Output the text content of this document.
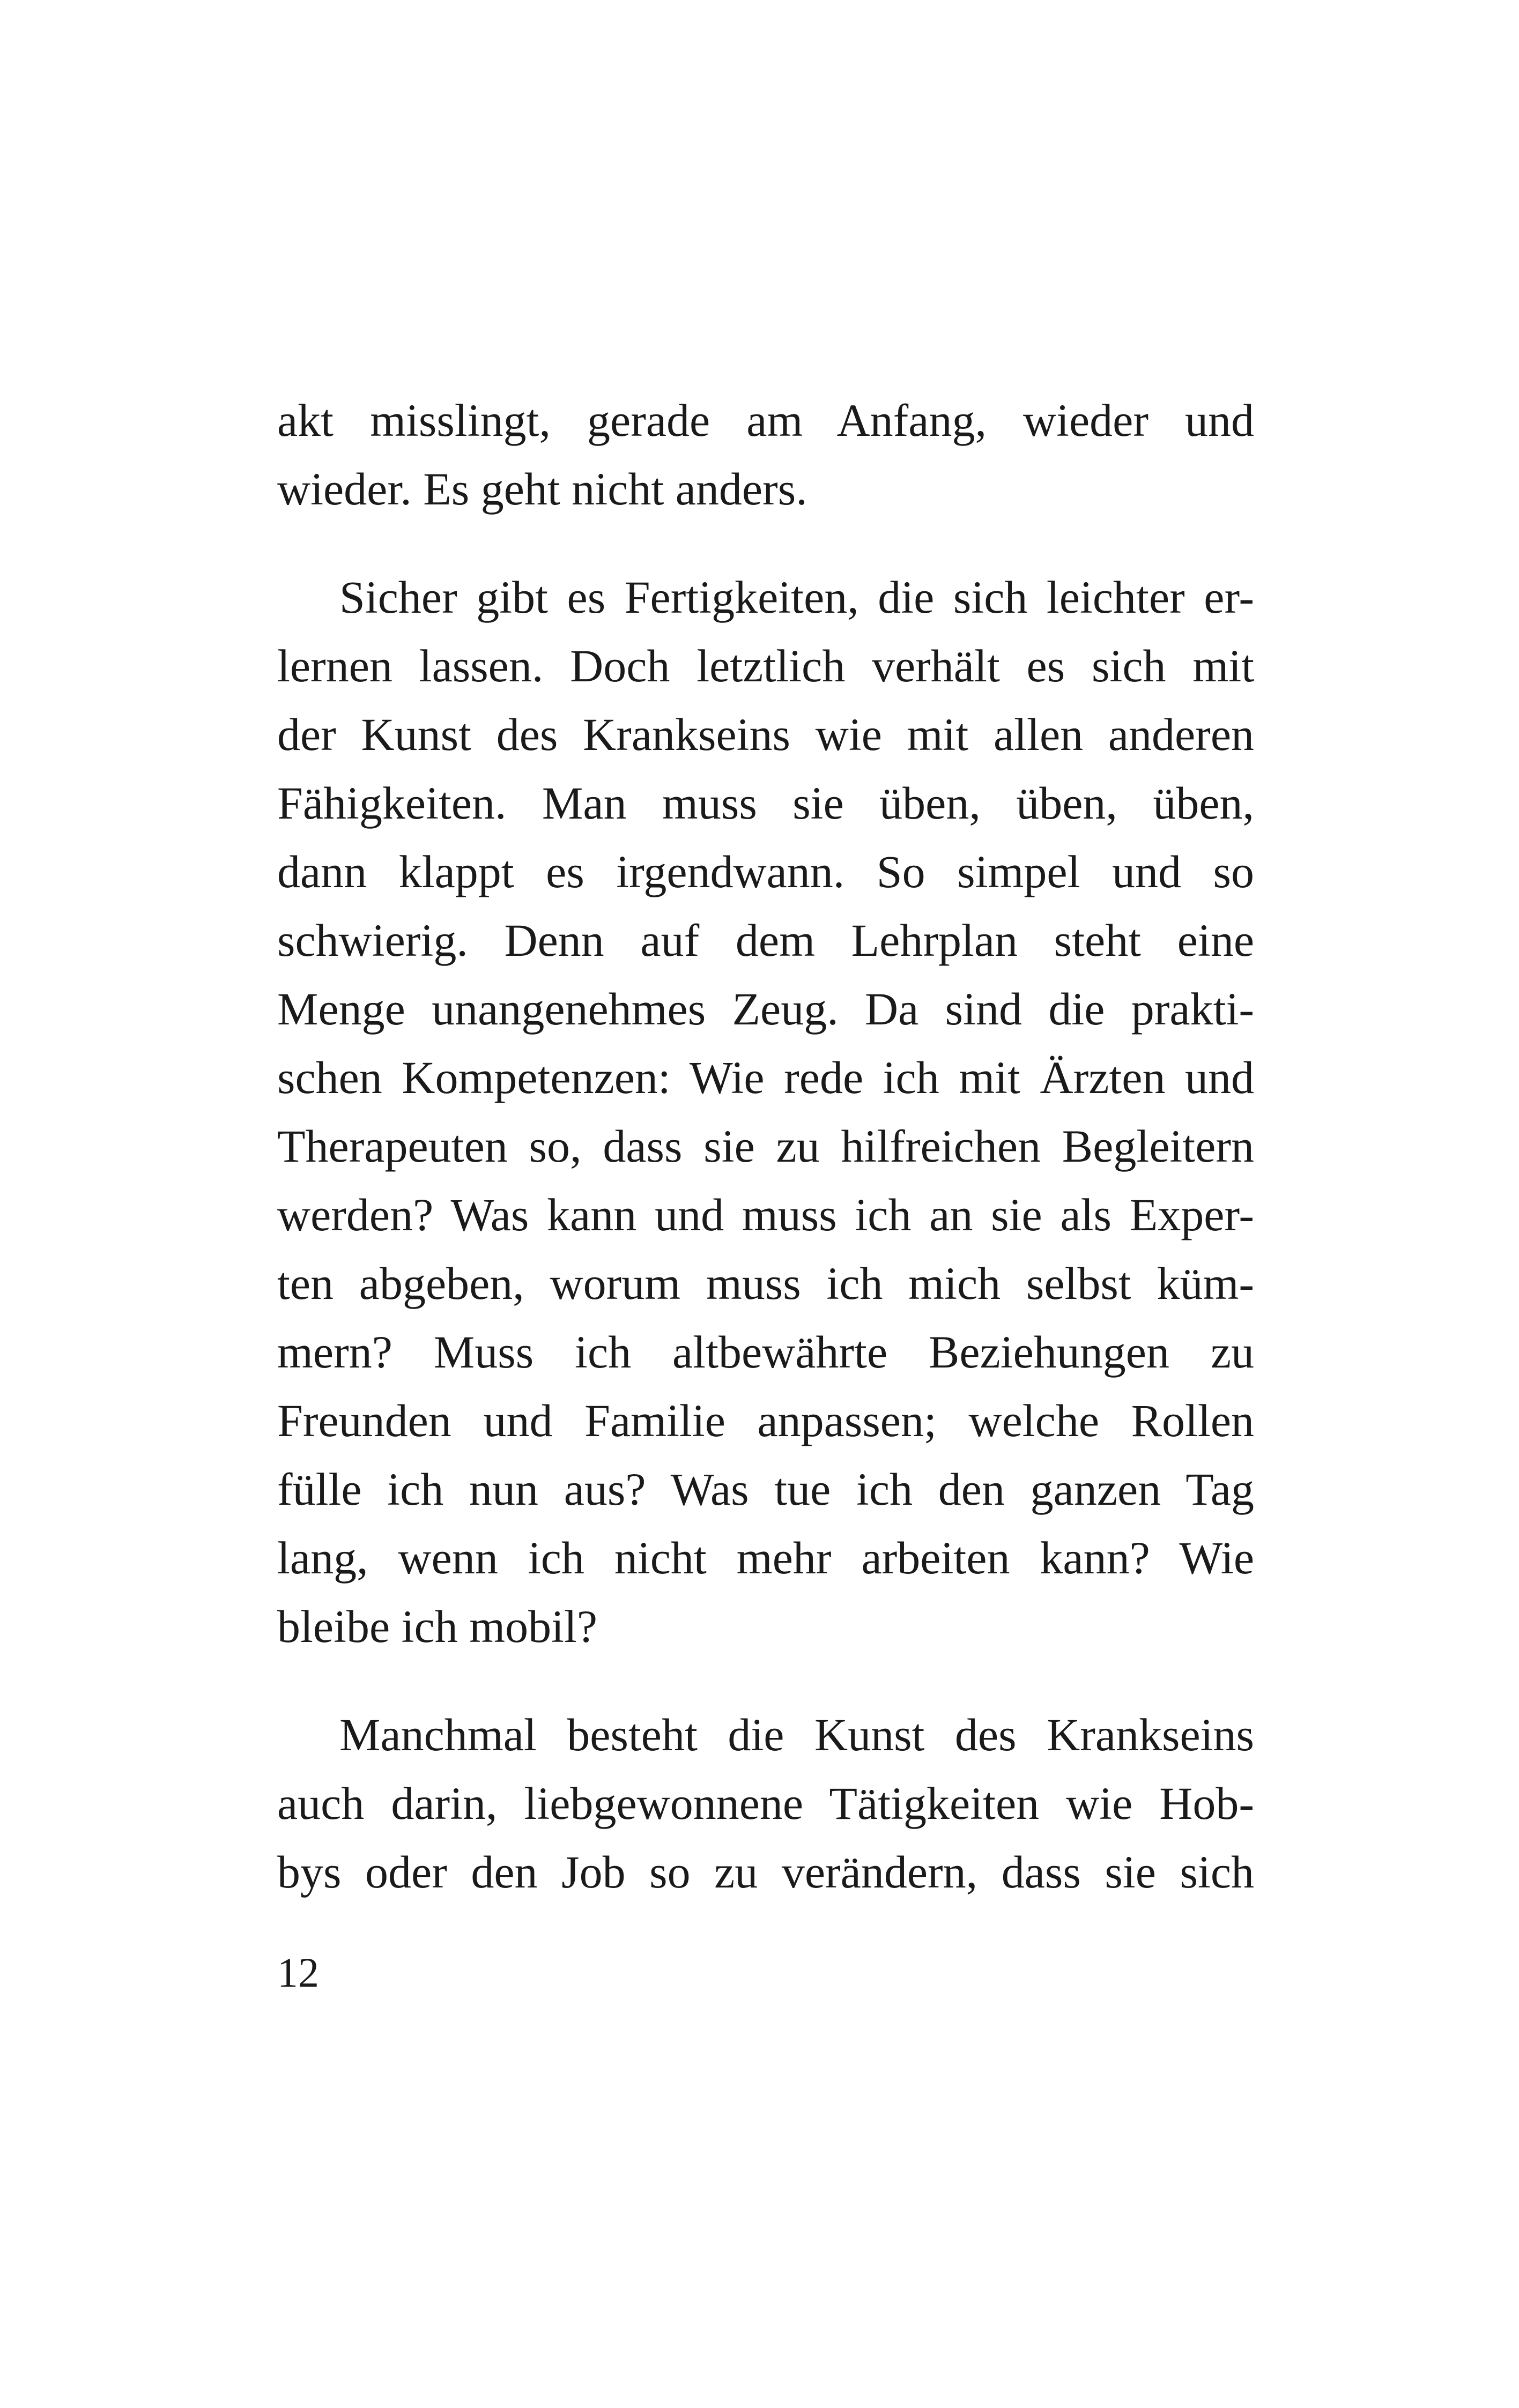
akt misslingt, gerade am Anfang, wieder und
wieder. Es geht nicht anders.
Sicher gibt es Fertigkeiten, die sich leichter er-
lernen lassen. Doch letztlich verhält es sich mit
der Kunst des Krankseins wie mit allen anderen
Fähigkeiten. Man muss sie üben, üben, üben,
dann klappt es irgendwann. So simpel und so
schwierig. Denn auf dem Lehrplan steht eine
Menge unangenehmes Zeug. Da sind die prakti-
schen Kompetenzen: Wie rede ich mit Ärzten und
Therapeuten so, dass sie zu hilfreichen Begleitern
werden? Was kann und muss ich an sie als Exper-
ten abgeben, worum muss ich mich selbst küm-
mern? Muss ich altbewährte Beziehungen zu
Freunden und Familie anpassen; welche Rollen
fülle ich nun aus? Was tue ich den ganzen Tag
lang, wenn ich nicht mehr arbeiten kann? Wie
bleibe ich mobil?
Manchmal besteht die Kunst des Krankseins
auch darin, liebgewonnene Tätigkeiten wie Hob-
bys oder den Job so zu verändern, dass sie sich
12
